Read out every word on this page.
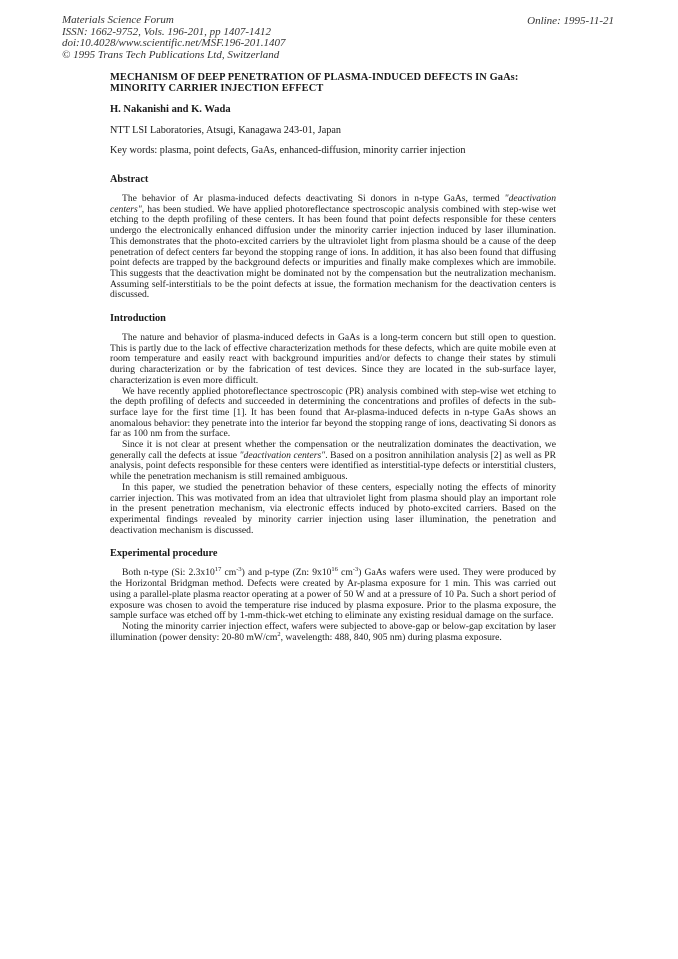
Materials Science Forum
ISSN: 1662-9752, Vols. 196-201, pp 1407-1412
doi:10.4028/www.scientific.net/MSF.196-201.1407
© 1995 Trans Tech Publications Ltd, Switzerland
Online: 1995-11-21
MECHANISM OF DEEP PENETRATION OF PLASMA-INDUCED DEFECTS IN GaAs: MINORITY CARRIER INJECTION EFFECT
H. Nakanishi and K. Wada
NTT LSI Laboratories, Atsugi, Kanagawa 243-01, Japan
Key words: plasma, point defects, GaAs, enhanced-diffusion, minority carrier injection
Abstract

The behavior of Ar plasma-induced defects deactivating Si donors in n-type GaAs, termed "deactivation centers", has been studied. We have applied photoreflectance spectroscopic analysis combined with step-wise wet etching to the depth profiling of these centers. It has been found that point defects responsible for these centers undergo the electronically enhanced diffusion under the minority carrier injection induced by laser illumination. This demonstrates that the photo-excited carriers by the ultraviolet light from plasma should be a cause of the deep penetration of defect centers far beyond the stopping range of ions. In addition, it has also been found that diffusing point defects are trapped by the background defects or impurities and finally make complexes which are immobile. This suggests that the deactivation might be dominated not by the compensation but the neutralization mechanism. Assuming self-interstitials to be the point defects at issue, the formation mechanism for the deactivation centers is discussed.

Introduction

The nature and behavior of plasma-induced defects in GaAs is a long-term concern but still open to question. This is partly due to the lack of effective characterization methods for these defects, which are quite mobile even at room temperature and easily react with background impurities and/or defects to change their states by stimuli during characterization or by the fabrication of test devices. Since they are located in the sub-surface layer, characterization is even more difficult.

We have recently applied photoreflectance spectroscopic (PR) analysis combined with step-wise wet etching to the depth profiling of defects and succeeded in determining the concentrations and profiles of defects in the sub-surface laye for the first time [1]. It has been found that Ar-plasma-induced defects in n-type GaAs shows an anomalous behavior: they penetrate into the interior far beyond the stopping range of ions, deactivating Si donors as far as 100 nm from the surface.

Since it is not clear at present whether the compensation or the neutralization dominates the deactivation, we generally call the defects at issue "deactivation centers". Based on a positron annihilation analysis [2] as well as PR analysis, point defects responsible for these centers were identified as interstitial-type defects or interstitial clusters, while the penetration mechanism is still remained ambiguous.

In this paper, we studied the penetration behavior of these centers, especially noting the effects of minority carrier injection. This was motivated from an idea that ultraviolet light from plasma should play an important role in the present penetration mechanism, via electronic effects induced by photo-excited carriers. Based on the experimental findings revealed by minority carrier injection using laser illumination, the penetration and deactivation mechanism is discussed.

Experimental procedure

Both n-type (Si: $2.3x10^{17}$ $cm^{-3}$) and p-type (Zn: $9x10^{16}$ $cm^{-3}$) GaAs wafers were used. They were produced by the Horizontal Bridgman method. Defects were created by Ar-plasma exposure for 1 min. This was carried out using a parallel-plate plasma reactor operating at a power of 50 W and at a pressure of 10 Pa. Such a short period of exposure was chosen to avoid the temperature rise induced by plasma exposure. Prior to the plasma exposure, the sample surface was etched off by 1-mm-thick-wet etching to eliminate any existing residual damage on the surface.

Noting the minority carrier injection effect, wafers were subjected to above-gap or below-gap excitation by laser illumination (power density: 20-80 $mW/cm^2$, wavelength: 488, 840, 905 nm) during plasma exposure.
